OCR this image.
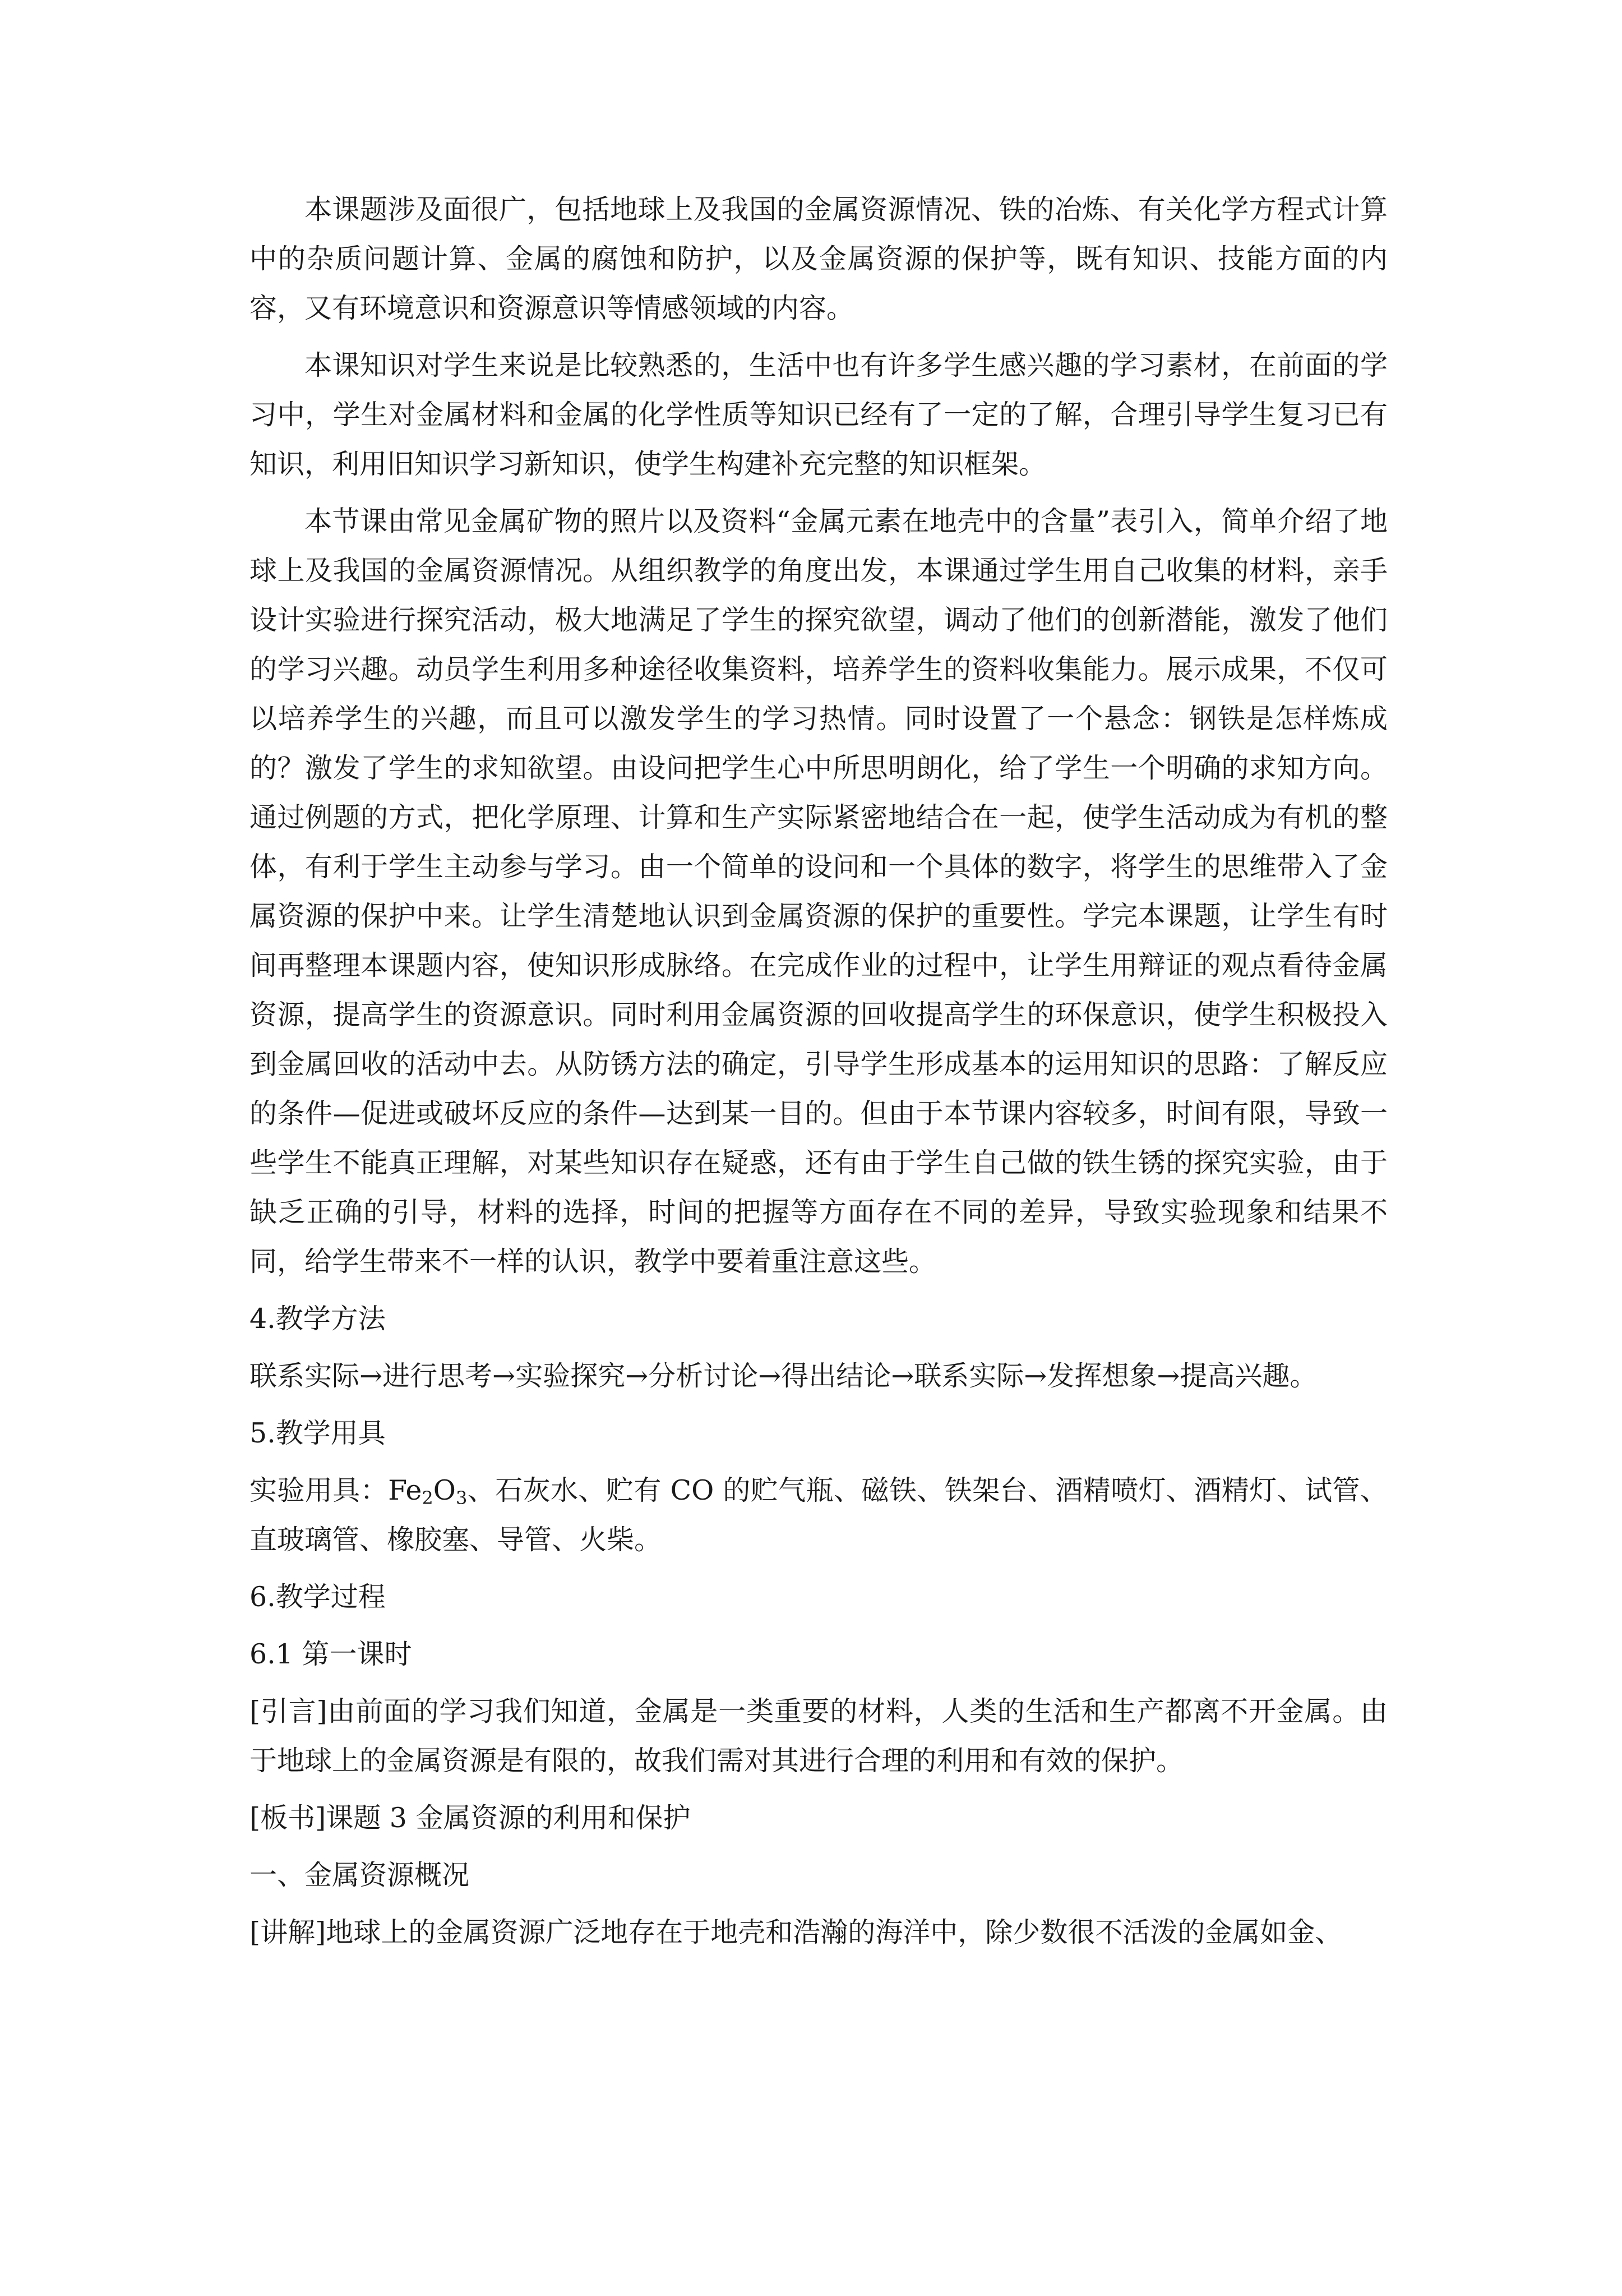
本课题涉及面很广，包括地球上及我国的金属资源情况、铁的冶炼、有关化学方程式计算中的杂质问题计算、金属的腐蚀和防护，以及金属资源的保护等，既有知识、技能方面的内容，又有环境意识和资源意识等情感领域的内容。

本课知识对学生来说是比较熟悉的，生活中也有许多学生感兴趣的学习素材，在前面的学习中，学生对金属材料和金属的化学性质等知识已经有了一定的了解，合理引导学生复习已有知识，利用旧知识学习新知识，使学生构建补充完整的知识框架。

本节课由常见金属矿物的照片以及资料“金属元素在地壳中的含量”表引入，简单介绍了地球上及我国的金属资源情况。从组织教学的角度出发，本课通过学生用自己收集的材料，亲手设计实验进行探究活动，极大地满足了学生的探究欲望，调动了他们的创新潜能，激发了他们的学习兴趣。动员学生利用多种途径收集资料，培养学生的资料收集能力。展示成果，不仅可以培养学生的兴趣，而且可以激发学生的学习热情。同时设置了一个悬念：钢铁是怎样炼成的？激发了学生的求知欲望。由设问把学生心中所思明朗化，给了学生一个明确的求知方向。通过例题的方式，把化学原理、计算和生产实际紧密地结合在一起，使学生活动成为有机的整体，有利于学生主动参与学习。由一个简单的设问和一个具体的数字，将学生的思维带入了金属资源的保护中来。让学生清楚地认识到金属资源的保护的重要性。学完本课题，让学生有时间再整理本课题内容，使知识形成脉络。在完成作业的过程中，让学生用辩证的观点看待金属资源，提高学生的资源意识。同时利用金属资源的回收提高学生的环保意识，使学生积极投入到金属回收的活动中去。从防锈方法的确定，引导学生形成基本的运用知识的思路：了解反应的条件—促进或破坏反应的条件—达到某一目的。但由于本节课内容较多，时间有限，导致一些学生不能真正理解，对某些知识存在疑惑，还有由于学生自己做的铁生锈的探究实验，由于缺乏正确的引导，材料的选择，时间的把握等方面存在不同的差异，导致实验现象和结果不同，给学生带来不一样的认识，教学中要着重注意这些。

4.教学方法

联系实际→进行思考→实验探究→分析讨论→得出结论→联系实际→发挥想象→提高兴趣。

5.教学用具

实验用具：$Fe_2O_3$、石灰水、贮有 CO 的贮气瓶、磁铁、铁架台、酒精喷灯、酒精灯、试管、直玻璃管、橡胶塞、导管、火柴。

6.教学过程

6.1 第一课时

[引言]由前面的学习我们知道，金属是一类重要的材料，人类的生活和生产都离不开金属。由于地球上的金属资源是有限的，故我们需对其进行合理的利用和有效的保护。

[板书]课题 3 金属资源的利用和保护

一、金属资源概况

[讲解]地球上的金属资源广泛地存在于地壳和浩瀚的海洋中，除少数很不活泼的金属如金、
